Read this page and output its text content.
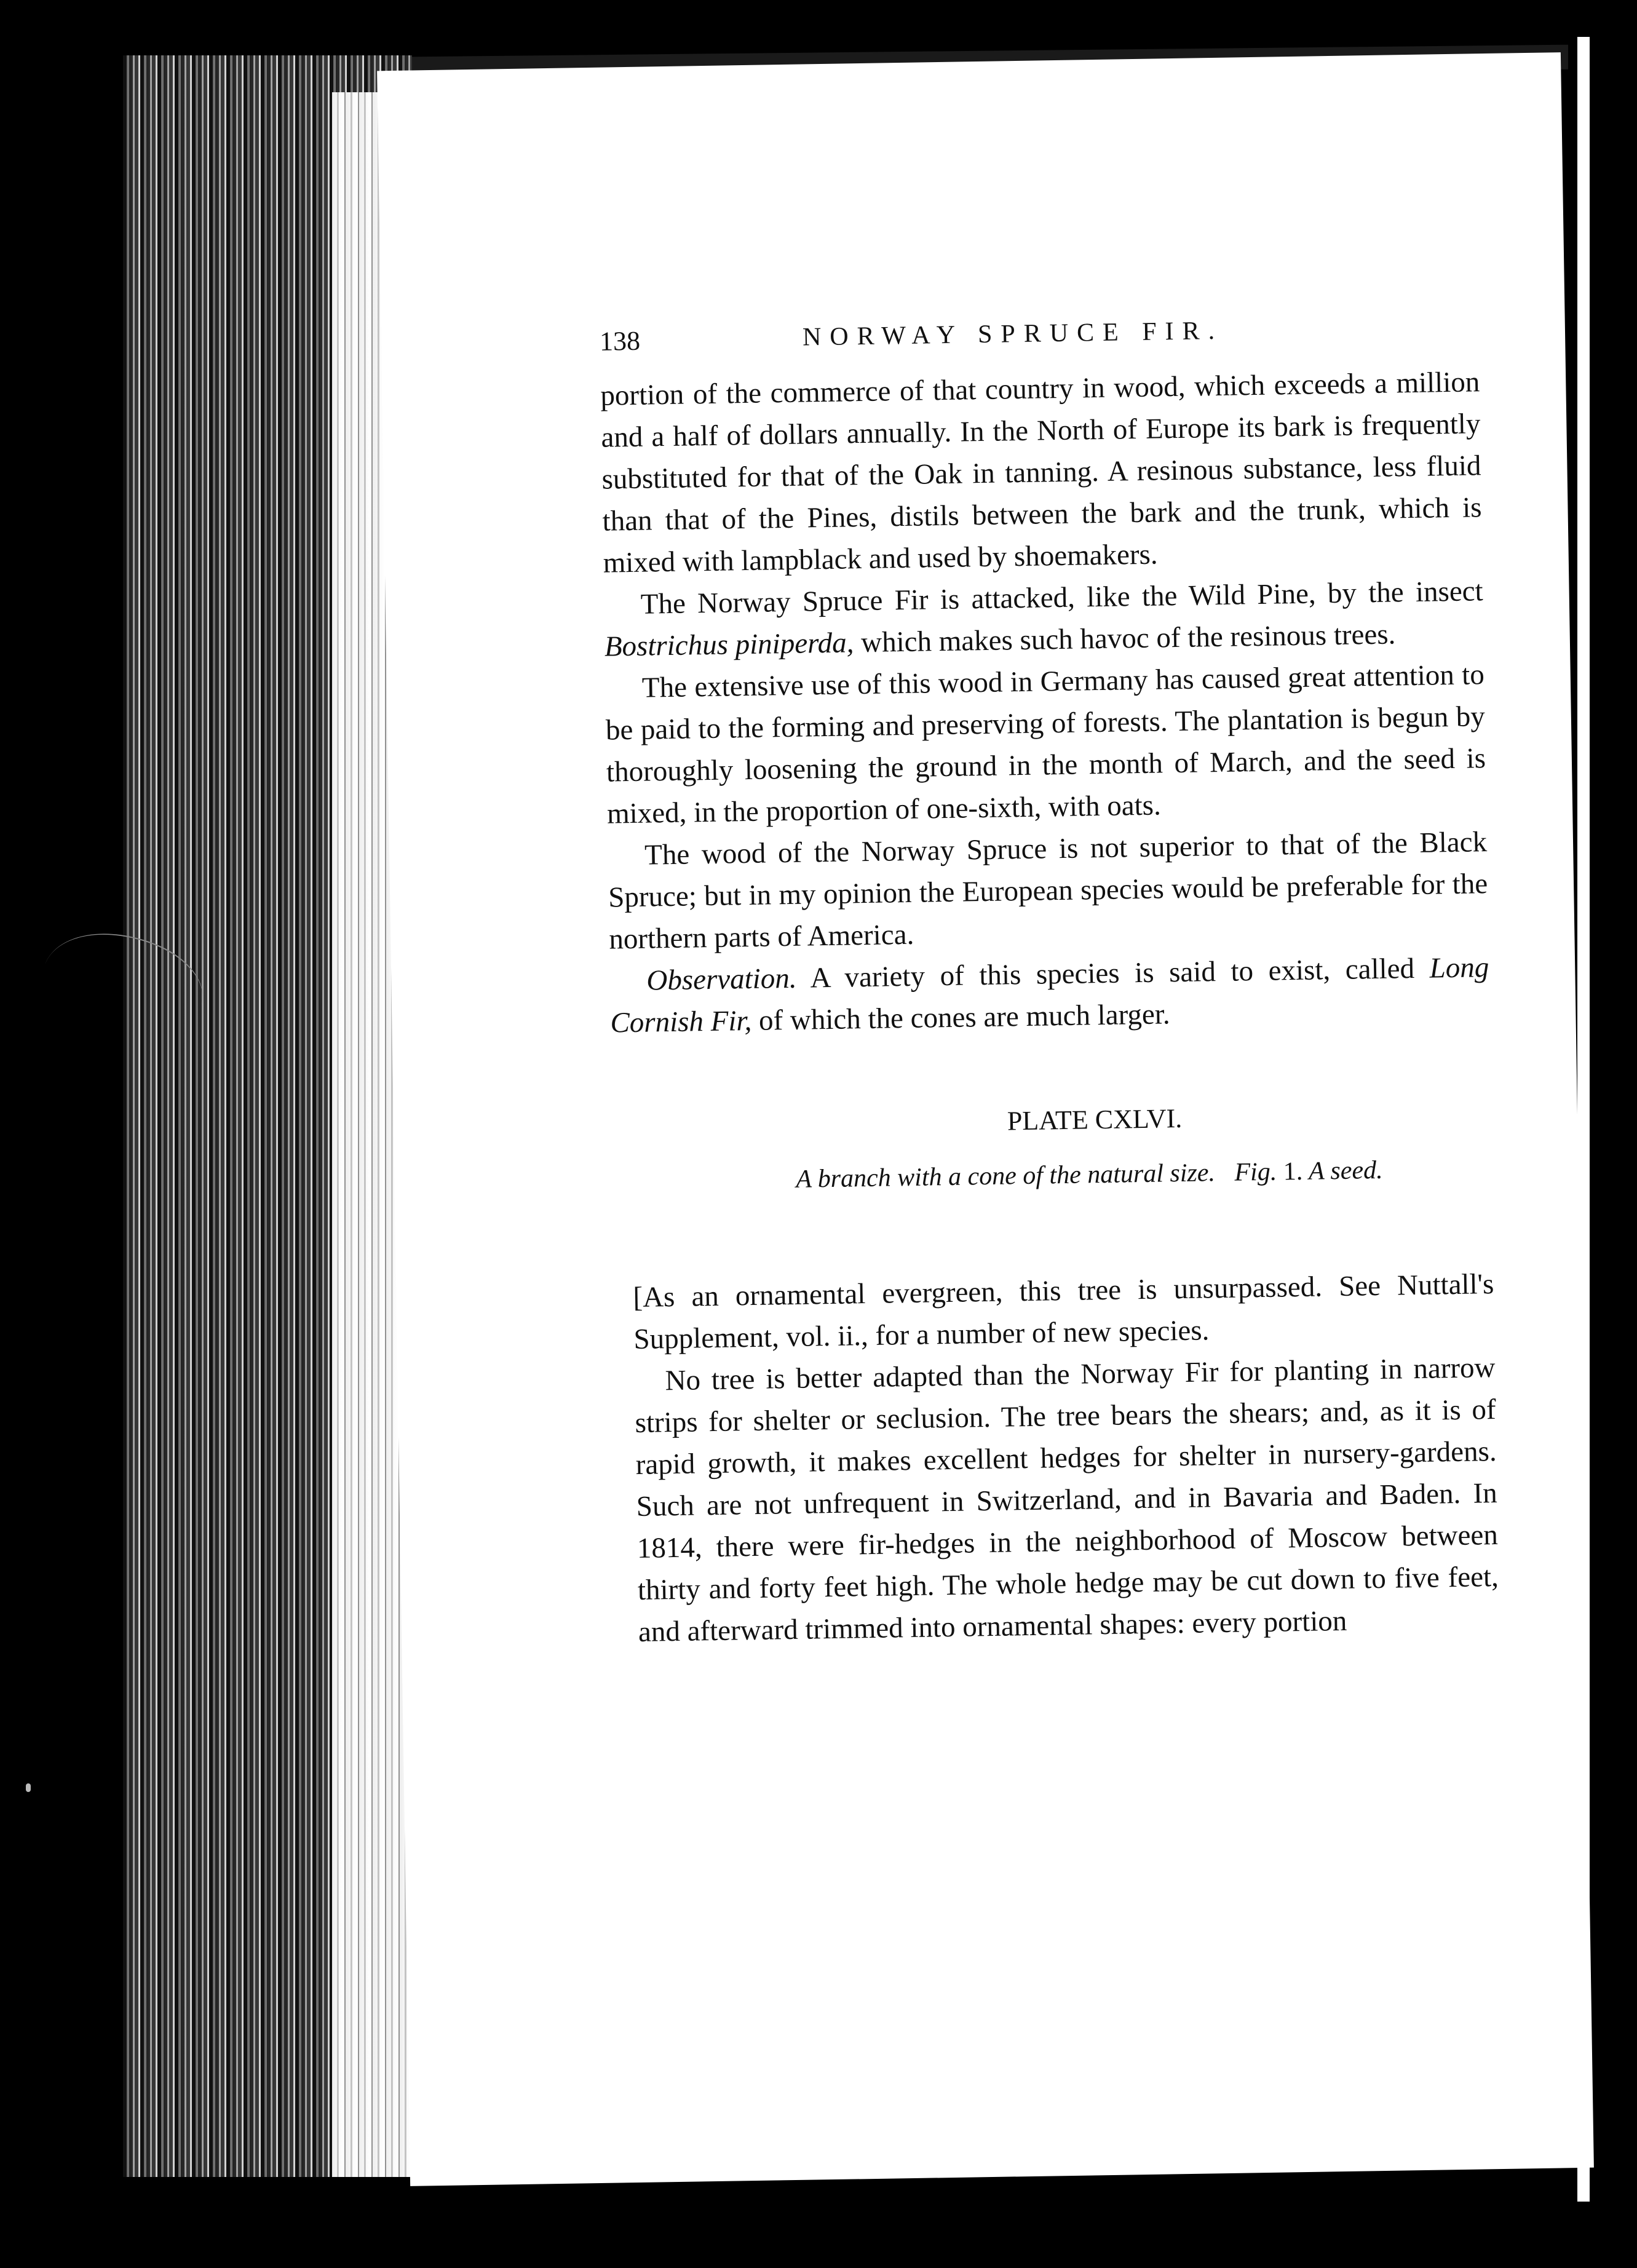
138	NORWAY SPRUCE FIR.

portion of the commerce of that country in wood, which exceeds a million and a half of dollars annually. In the North of Europe its bark is frequently substituted for that of the Oak in tanning. A resinous substance, less fluid than that of the Pines, distils between the bark and the trunk, which is mixed with lampblack and used by shoemakers.

The Norway Spruce Fir is attacked, like the Wild Pine, by the insect Bostrichus piniperda, which makes such havoc of the resinous trees.

The extensive use of this wood in Germany has caused great attention to be paid to the forming and preserving of forests. The plantation is begun by thoroughly loosening the ground in the month of March, and the seed is mixed, in the proportion of one-sixth, with oats.

The wood of the Norway Spruce is not superior to that of the Black Spruce; but in my opinion the European species would be preferable for the northern parts of America.

Observation. A variety of this species is said to exist, called Long Cornish Fir, of which the cones are much larger.

PLATE CXLVI.
A branch with a cone of the natural size. Fig. 1. A seed.

[As an ornamental evergreen, this tree is unsurpassed. See Nuttall's Supplement, vol. ii., for a number of new species.

No tree is better adapted than the Norway Fir for planting in narrow strips for shelter or seclusion. The tree bears the shears; and, as it is of rapid growth, it makes excellent hedges for shelter in nursery-gardens. Such are not unfrequent in Switzerland, and in Bavaria and Baden. In 1814, there were fir-hedges in the neighborhood of Moscow between thirty and forty feet high. The whole hedge may be cut down to five feet, and afterward trimmed into ornamental shapes: every portion
